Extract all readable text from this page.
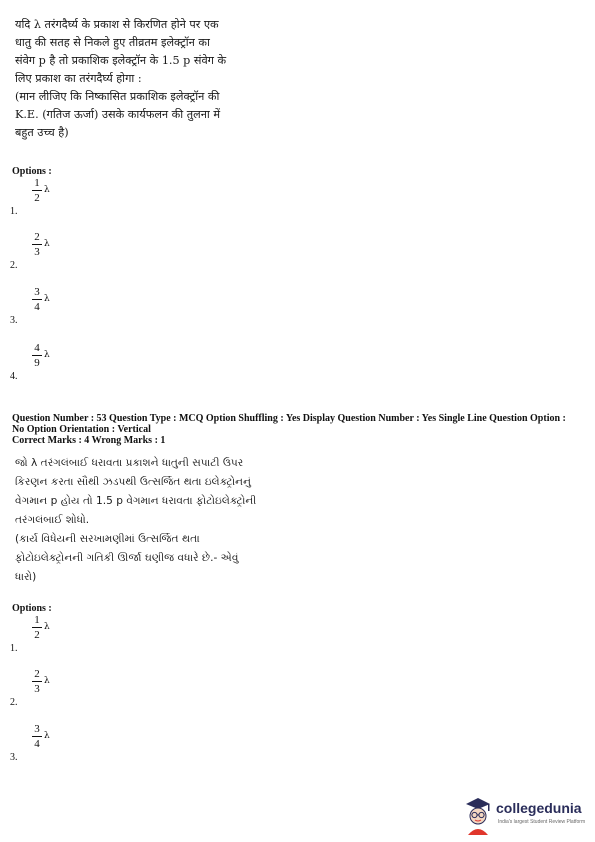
यदि λ तरंगदैर्घ्य के प्रकाश से किरणित होने पर एक
धातु की सतह से निकले हुए तीव्रतम इलेक्ट्रॉन का
संवेग p है तो प्रकाशिक इलेक्ट्रॉन के 1.5 p संवेग के
लिए प्रकाश का तरंगदैर्घ्य होगा :
(मान लीजिए कि निष्कासित प्रकाशिक इलेक्ट्रॉन की
K.E. (गतिज ऊर्जा) उसके कार्यफलन की तुलना में
बहुत उच्च है)
Options :
1.
1
2
λ
2.
2
3
λ
3.
3
4
λ
4.
4
9
λ
Question Number : 53 Question Type : MCQ Option Shuffling : Yes Display Question Number : Yes Single Line Question Option :
No Option Orientation : Vertical
Correct Marks : 4 Wrong Marks : 1
જો λ તરંગલંબાઈ ધરાવતા પ્રકાશને ધાતુની સપાટી ઉપર
કિરણન કરતા સૌથી ઝડપથી ઉત્સર્જિત થતા ઇલેક્ટ્રોનનું
વેગમાન p હોય તો 1.5 p વેગમાન ધરાવતા ફોટોઇલેક્ટ્રોની
તરંગલંબાઈ શોધો.
(કાર્ય વિધેયની સરખામણીમાં ઉત્સર્જિત થતા
ફોટોઇલેક્ટ્રોનની ગતિકી ઊર્જા ઘણીજ વધારે છે.- એવું
ધારો)
Options :
1.
1
2
λ
2.
2
3
λ
3.
3
4
λ
collegedunia
India's largest Student Review Platform
